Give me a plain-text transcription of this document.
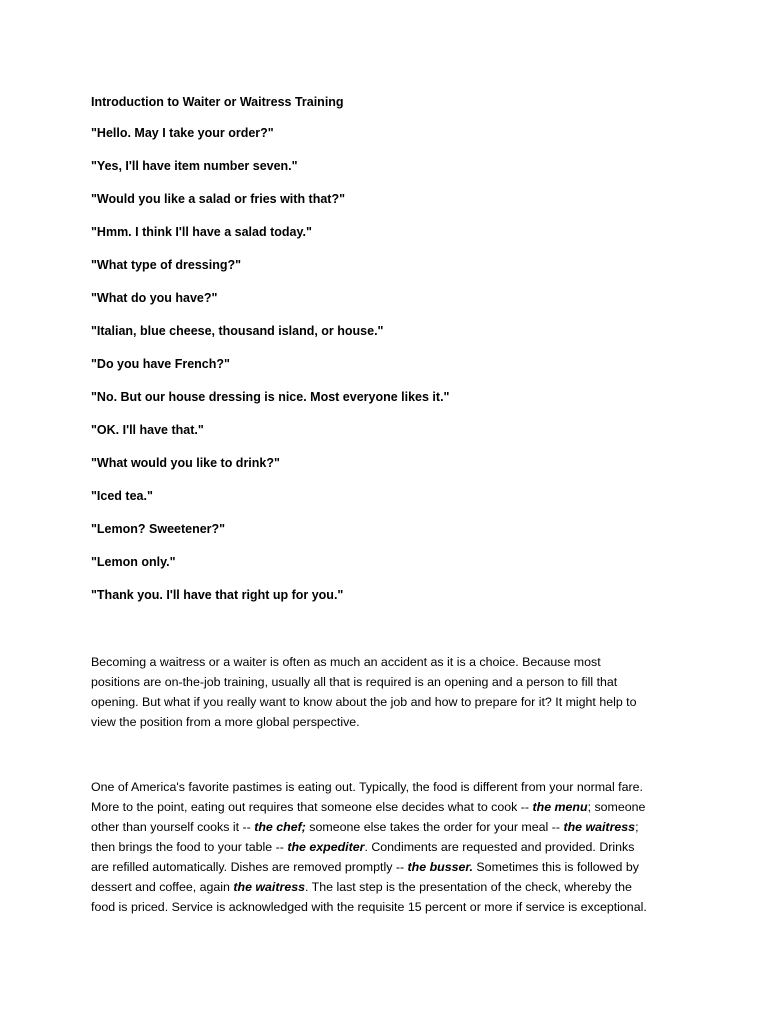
Introduction to Waiter or Waitress Training

"Hello. May I take your order?"

"Yes, I'll have item number seven."

"Would you like a salad or fries with that?"

"Hmm. I think I'll have a salad today."

"What type of dressing?"

"What do you have?"

"Italian, blue cheese, thousand island, or house."

"Do you have French?"

"No. But our house dressing is nice. Most everyone likes it."

"OK. I'll have that."

"What would you like to drink?"

"Iced tea."

"Lemon? Sweetener?"

"Lemon only."

"Thank you. I'll have that right up for you."

Becoming a waitress or a waiter is often as much an accident as it is a choice. Because most positions are on-the-job training, usually all that is required is an opening and a person to fill that opening. But what if you really want to know about the job and how to prepare for it? It might help to view the position from a more global perspective.

One of America's favorite pastimes is eating out. Typically, the food is different from your normal fare. More to the point, eating out requires that someone else decides what to cook -- the menu; someone other than yourself cooks it -- the chef; someone else takes the order for your meal -- the waitress; then brings the food to your table -- the expediter. Condiments are requested and provided. Drinks are refilled automatically. Dishes are removed promptly -- the busser. Sometimes this is followed by dessert and coffee, again the waitress. The last step is the presentation of the check, whereby the food is priced. Service is acknowledged with the requisite 15 percent or more if service is exceptional.
